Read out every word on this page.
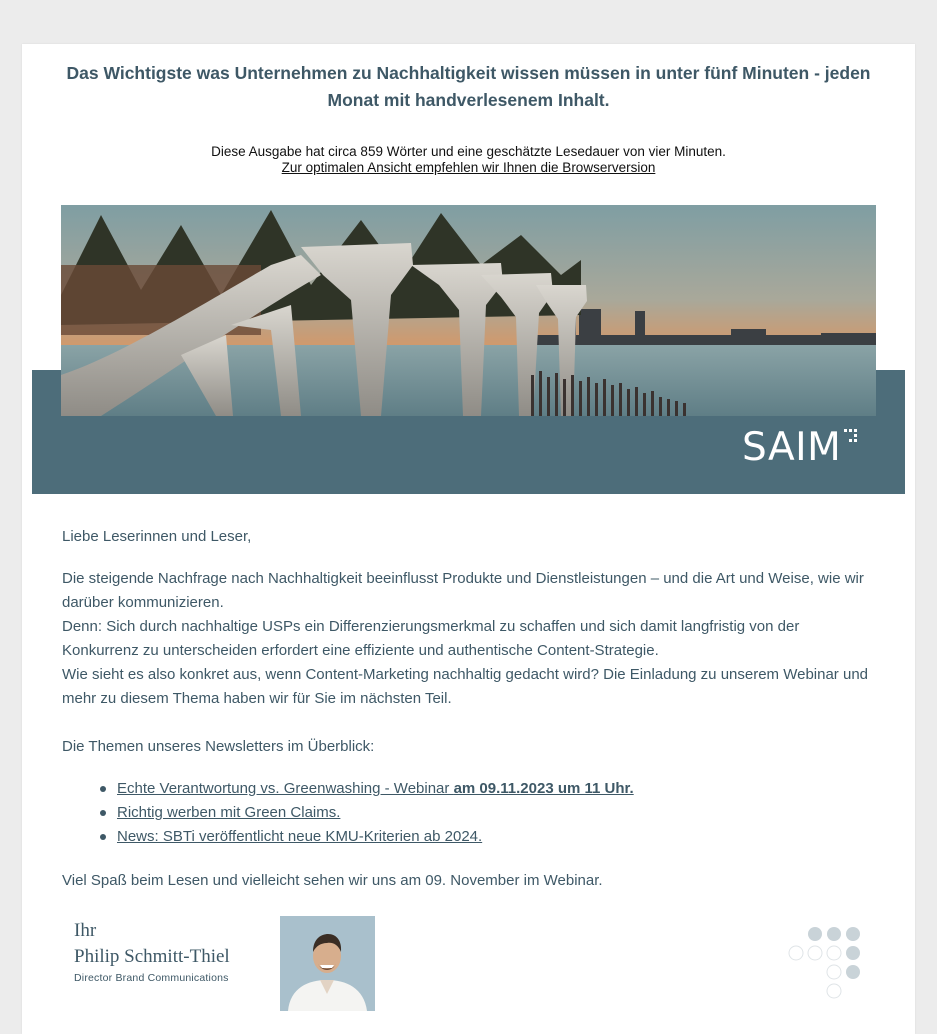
Das Wichtigste was Unternehmen zu Nachhaltigkeit wissen müssen in unter fünf Minuten - jeden Monat mit handverlesenem Inhalt.

Diese Ausgabe hat circa 859 Wörter und eine geschätzte Lesedauer von vier Minuten.
Zur optimalen Ansicht empfehlen wir Ihnen die Browserversion
SAIM

Liebe Leserinnen und Leser,

Die steigende Nachfrage nach Nachhaltigkeit beeinflusst Produkte und Dienstleistungen – und die Art und Weise, wie wir darüber kommunizieren.
Denn: Sich durch nachhaltige USPs ein Differenzierungsmerkmal zu schaffen und sich damit langfristig von der Konkurrenz zu unterscheiden erfordert eine effiziente und authentische Content-Strategie.
Wie sieht es also konkret aus, wenn Content-Marketing nachhaltig gedacht wird? Die Einladung zu unserem Webinar und mehr zu diesem Thema haben wir für Sie im nächsten Teil.

Die Themen unseres Newsletters im Überblick:

Echte Verantwortung vs. Greenwashing - Webinar am 09.11.2023 um 11 Uhr.
Richtig werben mit Green Claims.
News: SBTi veröffentlicht neue KMU-Kriterien ab 2024.

Viel Spaß beim Lesen und vielleicht sehen wir uns am 09. November im Webinar.

Ihr
Philip Schmitt-Thiel
Director Brand Communications
